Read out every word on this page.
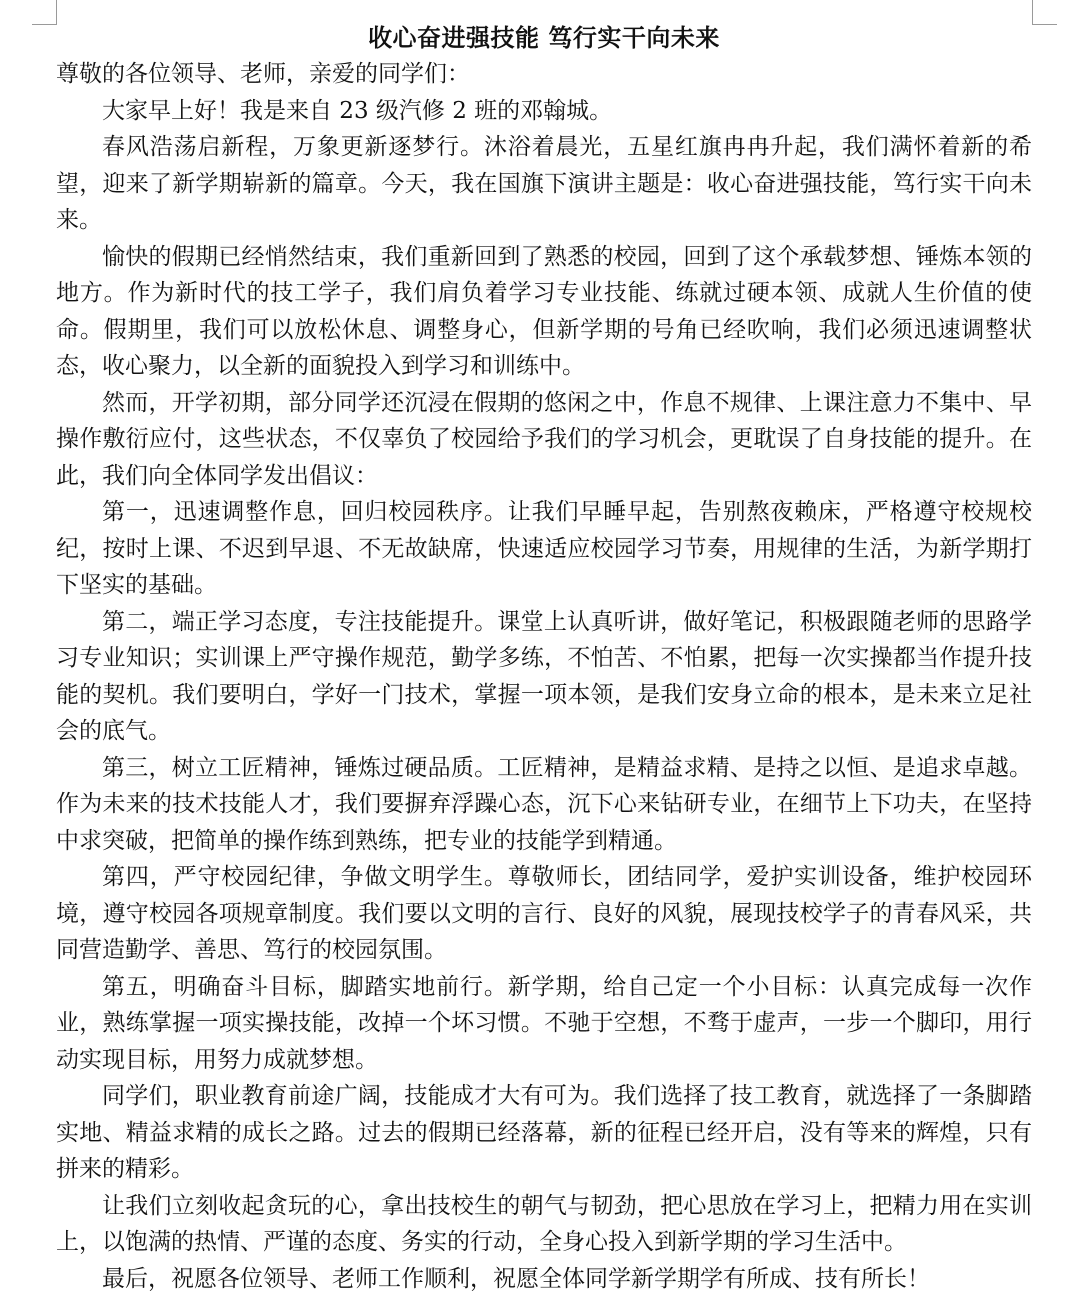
收心奋进强技能 笃行实干向未来

尊敬的各位领导、老师，亲爱的同学们：

大家早上好！我是来自 23 级汽修 2 班的邓翰城。

春风浩荡启新程，万象更新逐梦行。沐浴着晨光，五星红旗冉冉升起，我们满怀着新的希望，迎来了新学期崭新的篇章。今天，我在国旗下演讲主题是：收心奋进强技能，笃行实干向未来。

愉快的假期已经悄然结束，我们重新回到了熟悉的校园，回到了这个承载梦想、锤炼本领的地方。作为新时代的技工学子，我们肩负着学习专业技能、练就过硬本领、成就人生价值的使命。假期里，我们可以放松休息、调整身心，但新学期的号角已经吹响，我们必须迅速调整状态，收心聚力，以全新的面貌投入到学习和训练中。

然而，开学初期，部分同学还沉浸在假期的悠闲之中，作息不规律、上课注意力不集中、早操作敷衍应付，这些状态，不仅辜负了校园给予我们的学习机会，更耽误了自身技能的提升。在此，我们向全体同学发出倡议：

第一，迅速调整作息，回归校园秩序。让我们早睡早起，告别熬夜赖床，严格遵守校规校纪，按时上课、不迟到早退、不无故缺席，快速适应校园学习节奏，用规律的生活，为新学期打下坚实的基础。

第二，端正学习态度，专注技能提升。课堂上认真听讲，做好笔记，积极跟随老师的思路学习专业知识；实训课上严守操作规范，勤学多练，不怕苦、不怕累，把每一次实操都当作提升技能的契机。我们要明白，学好一门技术，掌握一项本领，是我们安身立命的根本，是未来立足社会的底气。

第三，树立工匠精神，锤炼过硬品质。工匠精神，是精益求精、是持之以恒、是追求卓越。作为未来的技术技能人才，我们要摒弃浮躁心态，沉下心来钻研专业，在细节上下功夫，在坚持中求突破，把简单的操作练到熟练，把专业的技能学到精通。

第四，严守校园纪律，争做文明学生。尊敬师长，团结同学，爱护实训设备，维护校园环境，遵守校园各项规章制度。我们要以文明的言行、良好的风貌，展现技校学子的青春风采，共同营造勤学、善思、笃行的校园氛围。

第五，明确奋斗目标，脚踏实地前行。新学期，给自己定一个小目标：认真完成每一次作业，熟练掌握一项实操技能，改掉一个坏习惯。不驰于空想，不骛于虚声，一步一个脚印，用行动实现目标，用努力成就梦想。

同学们，职业教育前途广阔，技能成才大有可为。我们选择了技工教育，就选择了一条脚踏实地、精益求精的成长之路。过去的假期已经落幕，新的征程已经开启，没有等来的辉煌，只有拼来的精彩。

让我们立刻收起贪玩的心，拿出技校生的朝气与韧劲，把心思放在学习上，把精力用在实训上，以饱满的热情、严谨的态度、务实的行动，全身心投入到新学期的学习生活中。

最后，祝愿各位领导、老师工作顺利，祝愿全体同学新学期学有所成、技有所长！
